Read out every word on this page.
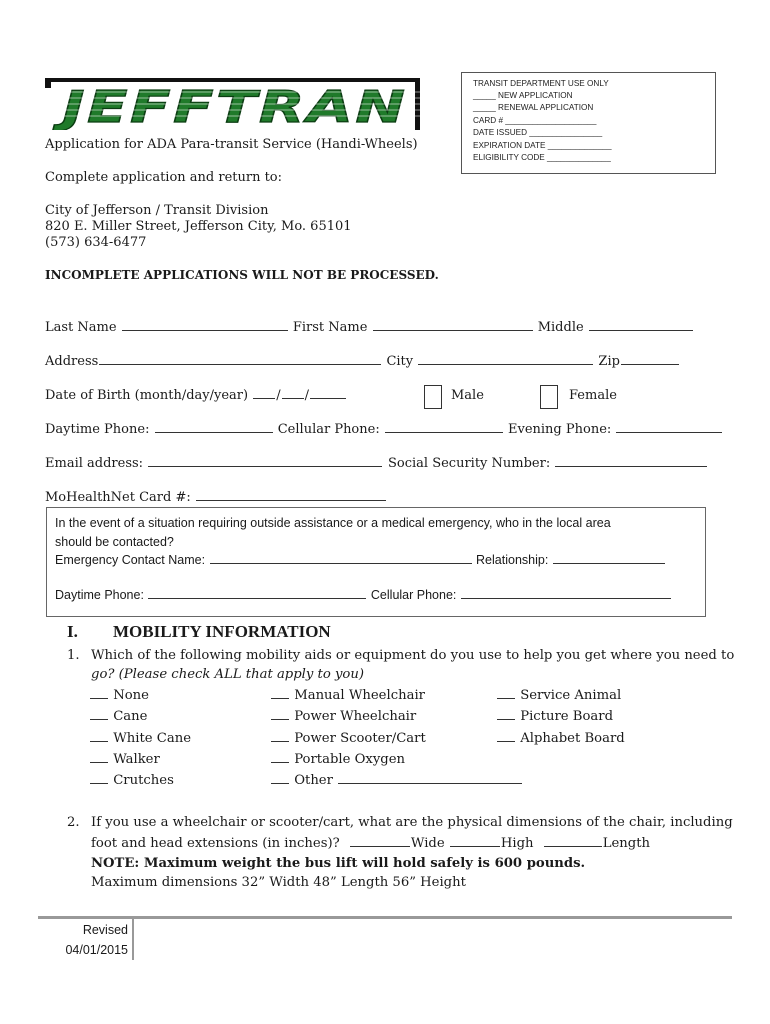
JEFFTRAN	TRANSIT DEPARTMENT USE ONLY
_____ NEW APPLICATION
_____ RENEWAL APPLICATION
CARD # ____________________
DATE ISSUED ________________
EXPIRATION DATE ______________
ELIGIBILITY CODE ______________
Application for ADA Para-transit Service (Handi-Wheels)
Complete application and return to:
City of Jefferson / Transit Division
820 E. Miller Street, Jefferson City, Mo. 65101
(573) 634-6477
INCOMPLETE APPLICATIONS WILL NOT BE PROCESSED.
Last Name	First Name	Middle
Address	City	Zip
Date of Birth (month/day/year) / /	Male	Female
Daytime Phone:	Cellular Phone:	Evening Phone:
Email address:	Social Security Number:
MoHealthNet Card #:
In the event of a situation requiring outside assistance or a medical emergency, who in the local area
should be contacted?
Emergency Contact Name:	Relationship:
Daytime Phone:	Cellular Phone:
I. MOBILITY INFORMATION
1. Which of the following mobility aids or equipment do you use to help you get where you need to
go? (Please check ALL that apply to you)
None
Cane
White Cane
Walker
Crutches
Manual Wheelchair
Power Wheelchair
Power Scooter/Cart
Portable Oxygen
Other
Service Animal
Picture Board
Alphabet Board
2. If you use a wheelchair or scooter/cart, what are the physical dimensions of the chair, including
foot and head extensions (in inches)?	Wide	High	Length
NOTE: Maximum weight the bus lift will hold safely is 600 pounds.
Maximum dimensions 32” Width 48” Length 56” Height
Revised
04/01/2015
